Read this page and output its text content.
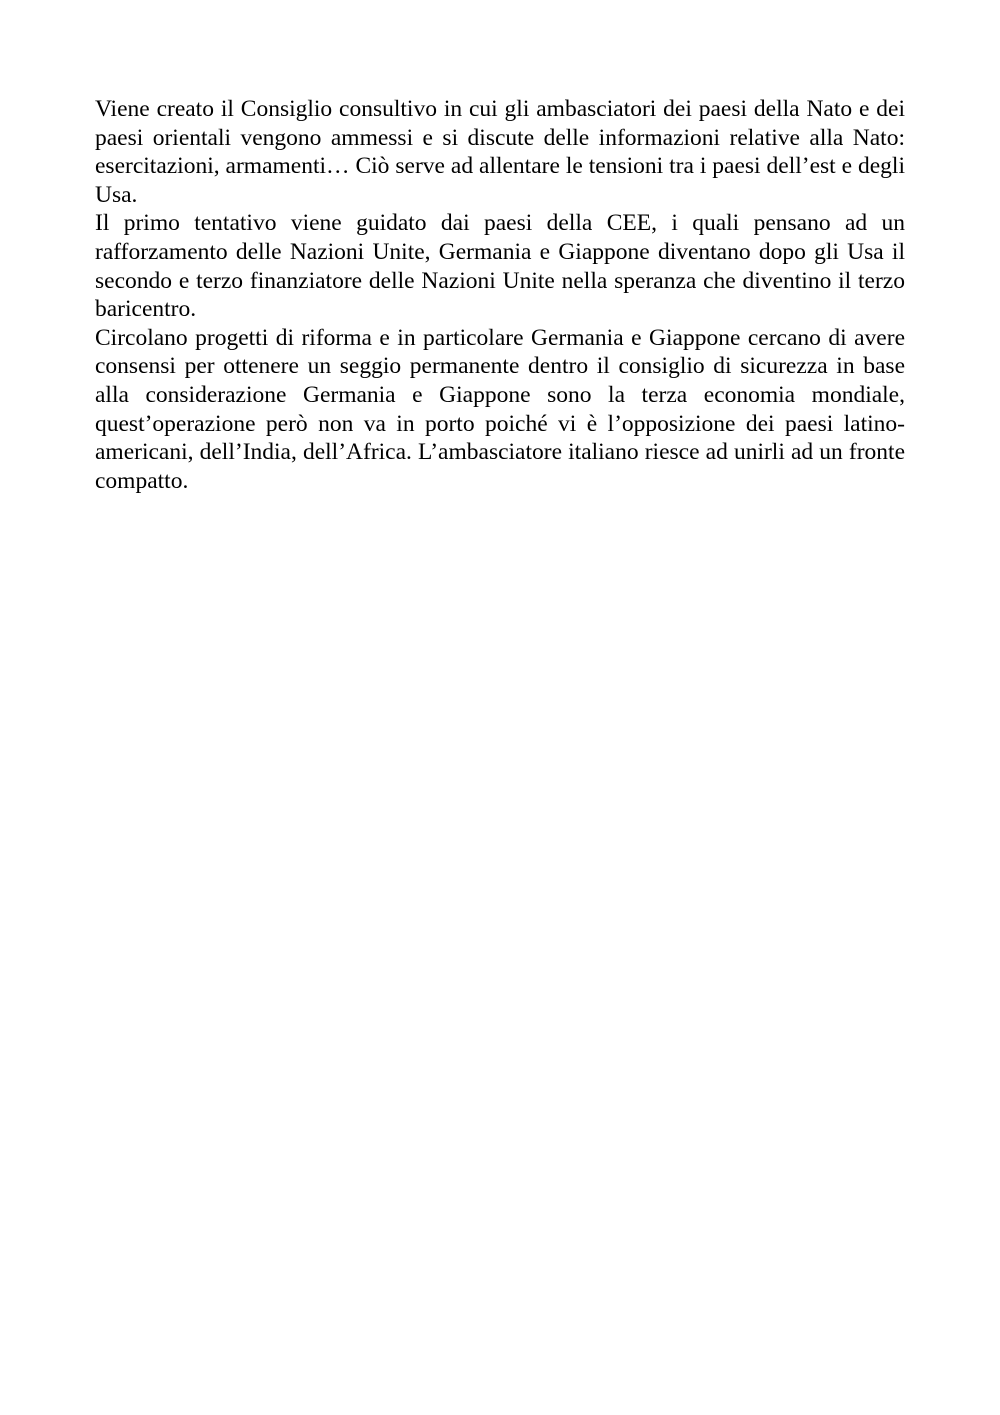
Viene creato il Consiglio consultivo in cui gli ambasciatori dei paesi della Nato e dei paesi orientali vengono ammessi e si discute delle informazioni relative alla Nato: esercitazioni, armamenti… Ciò serve ad allentare le tensioni tra i paesi dell’est e degli Usa.

Il primo tentativo viene guidato dai paesi della CEE, i quali pensano ad un rafforzamento delle Nazioni Unite, Germania e Giappone diventano dopo gli Usa il secondo e terzo finanziatore delle Nazioni Unite nella speranza che diventino il terzo baricentro.

Circolano progetti di riforma e in particolare Germania e Giappone cercano di avere consensi per ottenere un seggio permanente dentro il consiglio di sicurezza in base alla considerazione Germania e Giappone sono la terza economia mondiale, quest’operazione però non va in porto poiché vi è l’opposizione dei paesi latino-americani, dell’India, dell’Africa. L’ambasciatore italiano riesce ad unirli ad un fronte compatto.
